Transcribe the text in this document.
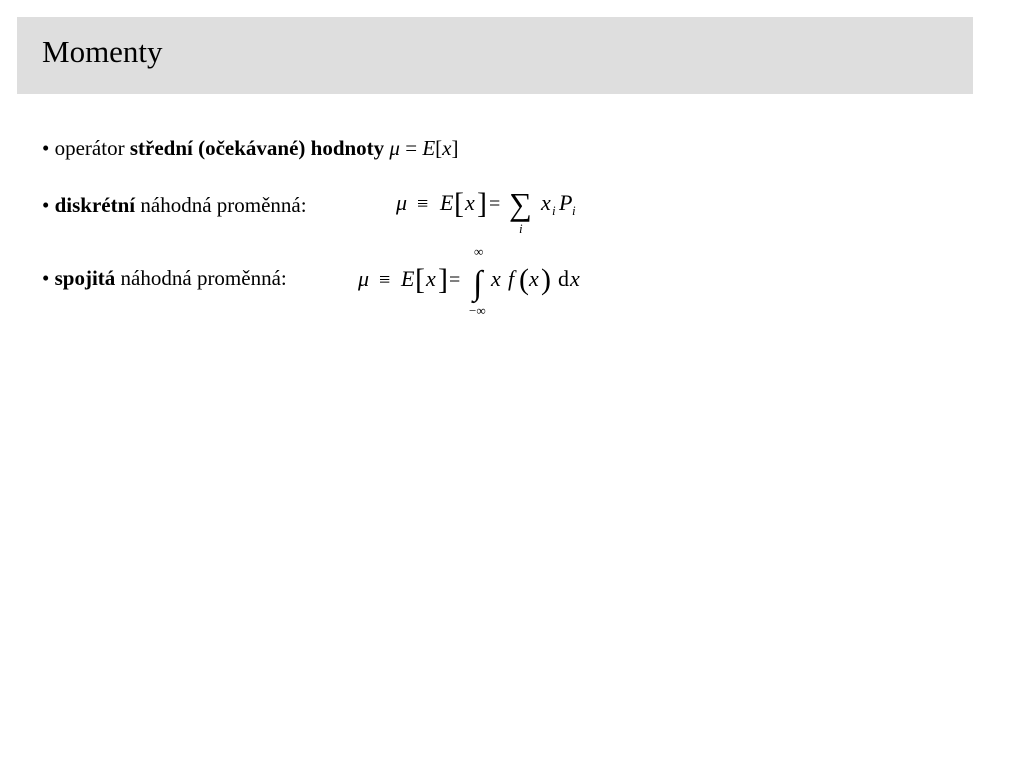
Momenty
• operátor střední (očekávané) hodnoty μ = E[x]
• diskrétní náhodná proměnná:	μ ≡ E [ x ] = ∑
i
x i P i
• spojitá náhodná proměnná:	μ ≡ E [ x ] =
∞
∫
−∞
x f ( x ) d x
